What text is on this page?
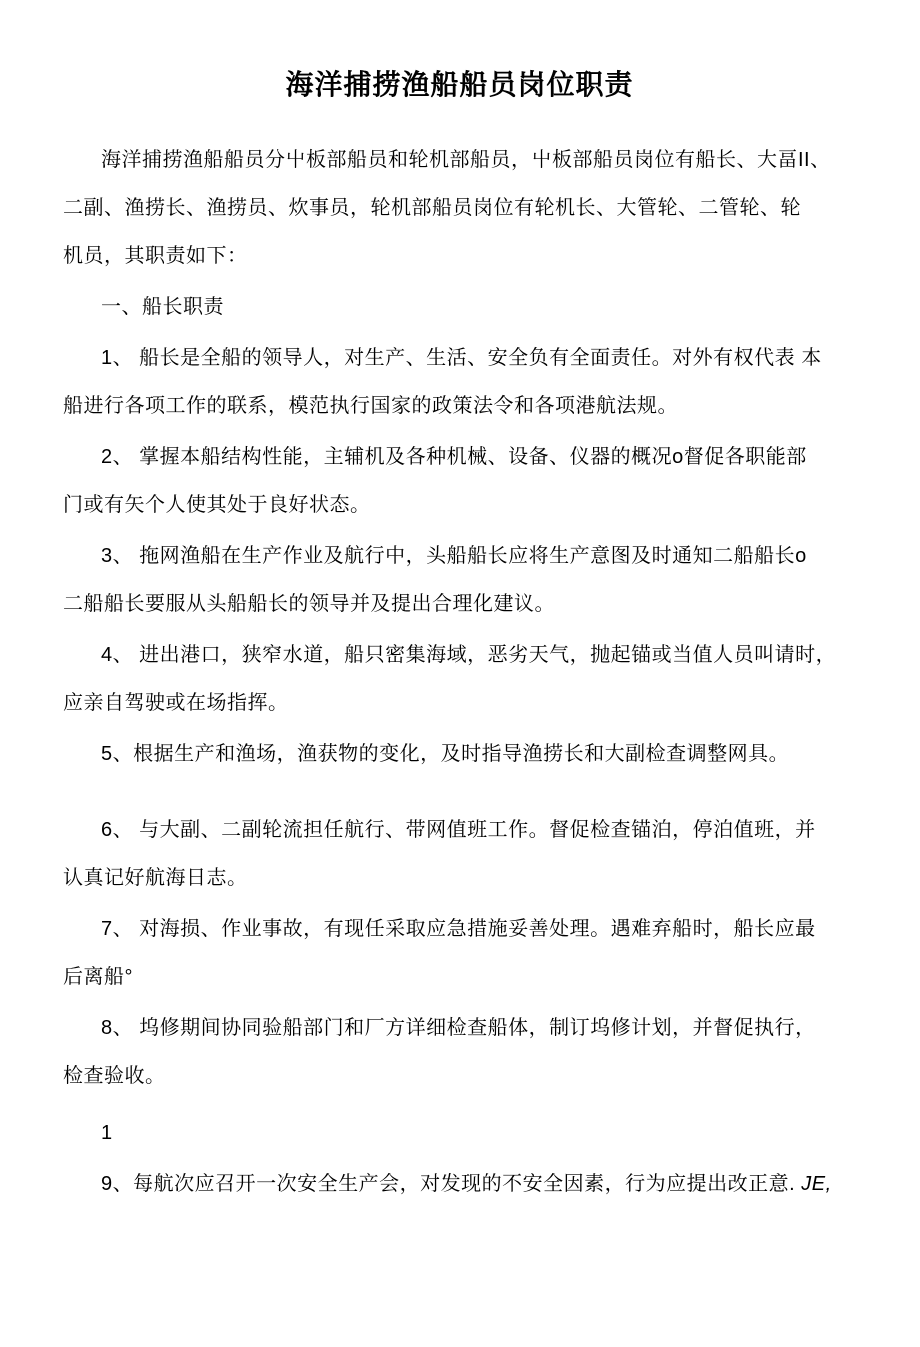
海洋捕捞渔船船员岗位职责
海洋捕捞渔船船员分屮板部船员和轮机部船员，屮板部船员岗位有船长、大畐II、
二副、渔捞长、渔捞员、炊事员，轮机部船员岗位有轮机长、大管轮、二管轮、轮
机员，其职责如下：
一、船长职责
1、 船长是全船的领导人，对生产、生活、安全负有全面责任。对外有权代表 本
船进行各项工作的联系，模范执行国家的政策法令和各项港航法规。
2、 掌握本船结构性能，主辅机及各种机械、设备、仪器的概况o督促各职能部
门或有矢个人使其处于良好状态。
3、 拖网渔船在生产作业及航行中，头船船长应将生产意图及时通知二船船长o
二船船长要服从头船船长的领导并及提出合理化建议。
4、 进出港口，狭窄水道，船只密集海域，恶劣天气，抛起锚或当值人员叫请时，
应亲自驾驶或在场指挥。
5、根据生产和渔场，渔获物的变化，及时指导渔捞长和大副检查调整网具。
6、 与大副、二副轮流担任航行、带网值班工作。督促检查锚泊，停泊值班，并
认真记好航海日志。
7、 对海损、作业事故，有现任采取应急措施妥善处理。遇难弃船时，船长应最
后离船°
8、 坞修期间协同验船部门和厂方详细检查船体，制订坞修计划，并督促执行，
检查验收。
1
9、每航次应召开一次安全生产会，对发现的不安全因素，行为应提出改正意. JE,
